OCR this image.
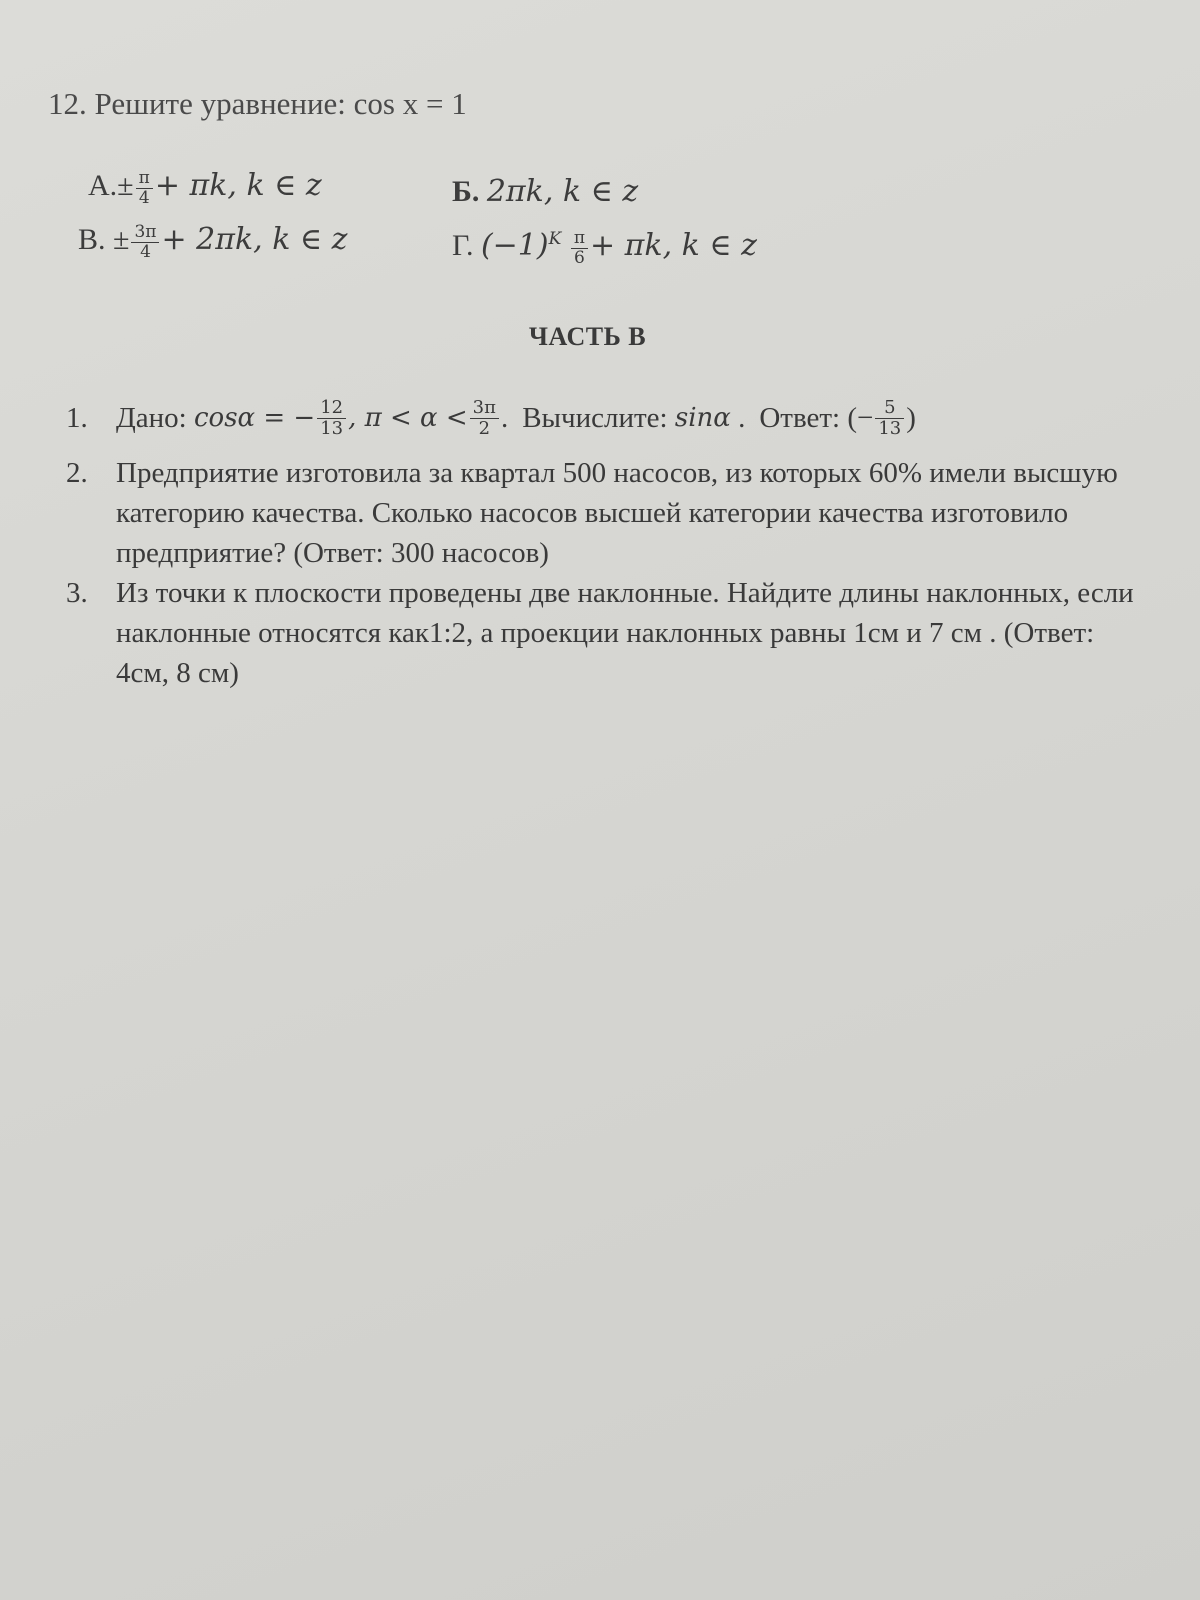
12. Решите уравнение: cos x = 1
$А.\pm \frac{\pi}{4} + \pi k$, k ∈ z	Б. 2πk, k ∈ z
В. ± $\frac{3\pi}{4} + 2\pi k$, k ∈ z	Г. $(-1)^K \frac{\pi}{6} + \pi k$, k ∈ z
ЧАСТЬ В
1. Дано:
cosα = − $\frac{12}{13}$ , $\pi < \alpha < \frac{3\pi}{2}$ . Вычислите:
sinα
. Ответ: (− $\frac{5}{13}$ )
2. Предприятие изготовила за квартал 500 насосов, из которых 60% имели высшую категорию качества. Сколько насосов высшей категории качества изготовило предприятие? (Ответ: 300 насосов)
3. Из точки к плоскости проведены две наклонные. Найдите длины наклонных, если наклонные относятся как1:2, а проекции наклонных равны 1см и 7 см . (Ответ: 4см, 8 см)
